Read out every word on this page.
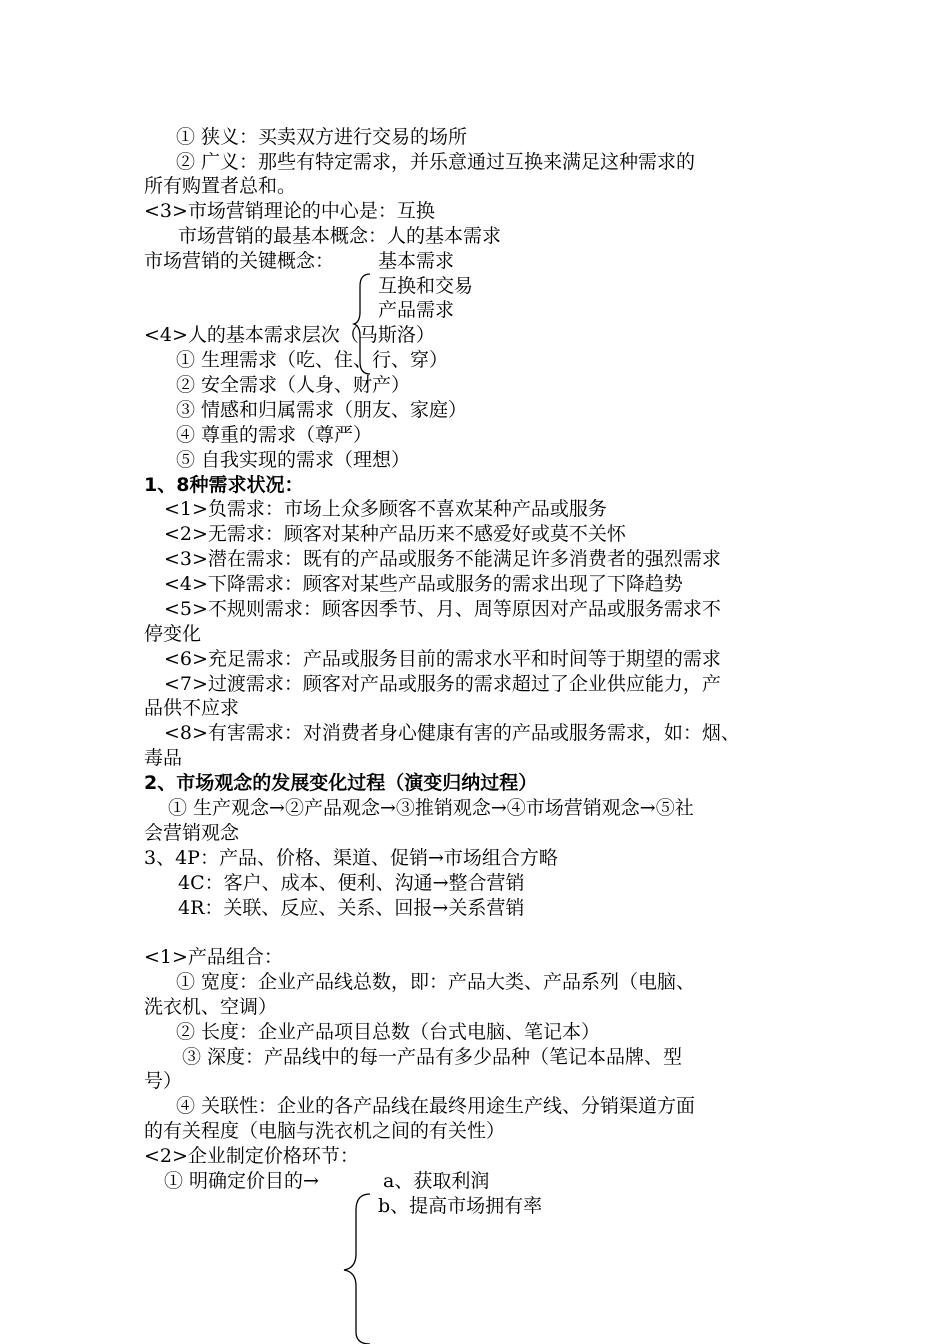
① 狭义：买卖双方进行交易的场所
② 广义：那些有特定需求，并乐意通过互换来满足这种需求的
所有购置者总和。
<3>市场营销理论的中心是：互换
市场营销的最基本概念：人的基本需求
市场营销的关键概念： 基本需求
互换和交易
产品需求
<4>人的基本需求层次（马斯洛）
① 生理需求（吃、住、行、穿）
② 安全需求（人身、财产）
③ 情感和归属需求（朋友、家庭）
④ 尊重的需求（尊严）
⑤ 自我实现的需求（理想）
1、8种需求状况：
<1>负需求：市场上众多顾客不喜欢某种产品或服务
<2>无需求：顾客对某种产品历来不感爱好或莫不关怀
<3>潜在需求：既有的产品或服务不能满足许多消费者的强烈需求
<4>下降需求：顾客对某些产品或服务的需求出现了下降趋势
<5>不规则需求：顾客因季节、月、周等原因对产品或服务需求不
停变化
<6>充足需求：产品或服务目前的需求水平和时间等于期望的需求
<7>过渡需求：顾客对产品或服务的需求超过了企业供应能力，产
品供不应求
<8>有害需求：对消费者身心健康有害的产品或服务需求，如：烟、
毒品
2、市场观念的发展变化过程（演变归纳过程）
① 生产观念→②产品观念→③推销观念→④市场营销观念→⑤社
会营销观念
3、4P：产品、价格、渠道、促销→市场组合方略
4C：客户、成本、便利、沟通→整合营销
4R：关联、反应、关系、回报→关系营销
<1>产品组合：
① 宽度：企业产品线总数，即：产品大类、产品系列（电脑、
洗衣机、空调）
② 长度：企业产品项目总数（台式电脑、笔记本）
③ 深度：产品线中的每一产品有多少品种（笔记本品牌、型
号）
④ 关联性：企业的各产品线在最终用途生产线、分销渠道方面
的有关程度（电脑与洗衣机之间的有关性）
<2>企业制定价格环节：
① 明确定价目的→	a、获取利润
b、提高市场拥有率
